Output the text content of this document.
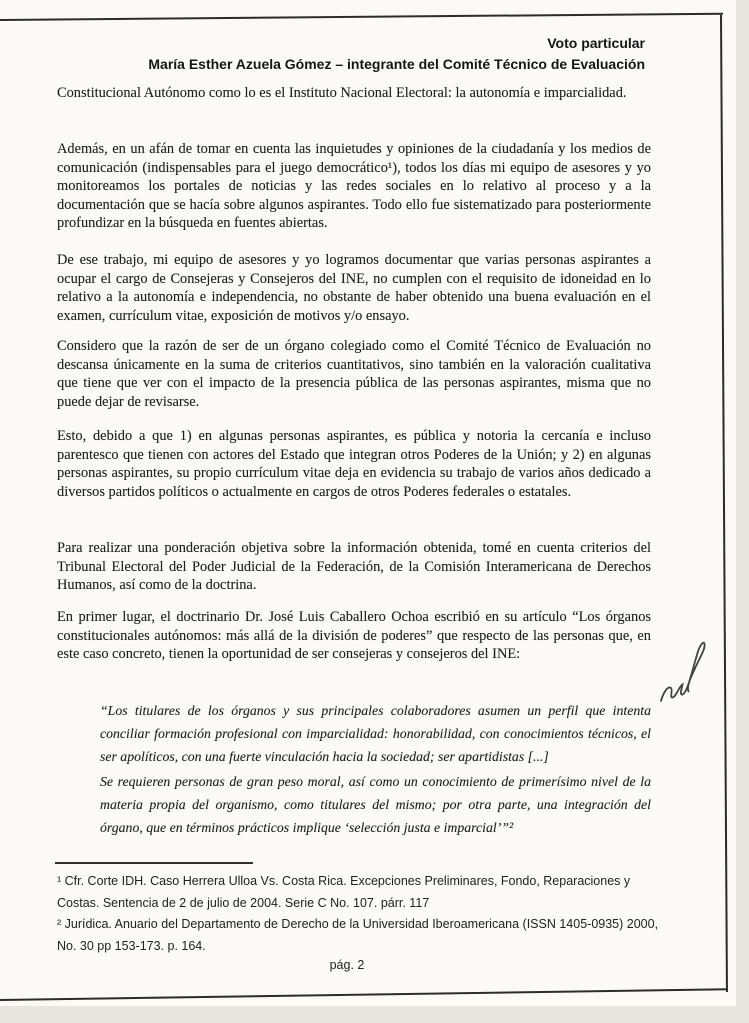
Voto particular
María Esther Azuela Gómez – integrante del Comité Técnico de Evaluación
Constitucional Autónomo como lo es el Instituto Nacional Electoral: la autonomía e imparcialidad.
Además, en un afán de tomar en cuenta las inquietudes y opiniones de la ciudadanía y los medios de comunicación (indispensables para el juego democrático¹), todos los días mi equipo de asesores y yo monitoreamos los portales de noticias y las redes sociales en lo relativo al proceso y a la documentación que se hacía sobre algunos aspirantes. Todo ello fue sistematizado para posteriormente profundizar en la búsqueda en fuentes abiertas.
De ese trabajo, mi equipo de asesores y yo logramos documentar que varias personas aspirantes a ocupar el cargo de Consejeras y Consejeros del INE, no cumplen con el requisito de idoneidad en lo relativo a la autonomía e independencia, no obstante de haber obtenido una buena evaluación en el examen, currículum vitae, exposición de motivos y/o ensayo.
Considero que la razón de ser de un órgano colegiado como el Comité Técnico de Evaluación no descansa únicamente en la suma de criterios cuantitativos, sino también en la valoración cualitativa que tiene que ver con el impacto de la presencia pública de las personas aspirantes, misma que no puede dejar de revisarse.
Esto, debido a que 1) en algunas personas aspirantes, es pública y notoria la cercanía e incluso parentesco que tienen con actores del Estado que integran otros Poderes de la Unión; y 2) en algunas personas aspirantes, su propio currículum vitae deja en evidencia su trabajo de varios años dedicado a diversos partidos políticos o actualmente en cargos de otros Poderes federales o estatales.
Para realizar una ponderación objetiva sobre la información obtenida, tomé en cuenta criterios del Tribunal Electoral del Poder Judicial de la Federación, de la Comisión Interamericana de Derechos Humanos, así como de la doctrina.
En primer lugar, el doctrinario Dr. José Luis Caballero Ochoa escribió en su artículo “Los órganos constitucionales autónomos: más allá de la división de poderes” que respecto de las personas que, en este caso concreto, tienen la oportunidad de ser consejeras y consejeros del INE:
“Los titulares de los órganos y sus principales colaboradores asumen un perfil que intenta conciliar formación profesional con imparcialidad: honorabilidad, con conocimientos técnicos, el ser apolíticos, con una fuerte vinculación hacia la sociedad; ser apartidistas [...]
Se requieren personas de gran peso moral, así como un conocimiento de primerísimo nivel de la materia propia del organismo, como titulares del mismo; por otra parte, una integración del órgano, que en términos prácticos implique ‘selección justa e imparcial’”²
¹ Cfr. Corte IDH. Caso Herrera Ulloa Vs. Costa Rica. Excepciones Preliminares, Fondo, Reparaciones y Costas. Sentencia de 2 de julio de 2004. Serie C No. 107. párr. 117
² Jurídica. Anuario del Departamento de Derecho de la Universidad Iberoamericana (ISSN 1405-0935) 2000, No. 30 pp 153-173. p. 164.
pág. 2
